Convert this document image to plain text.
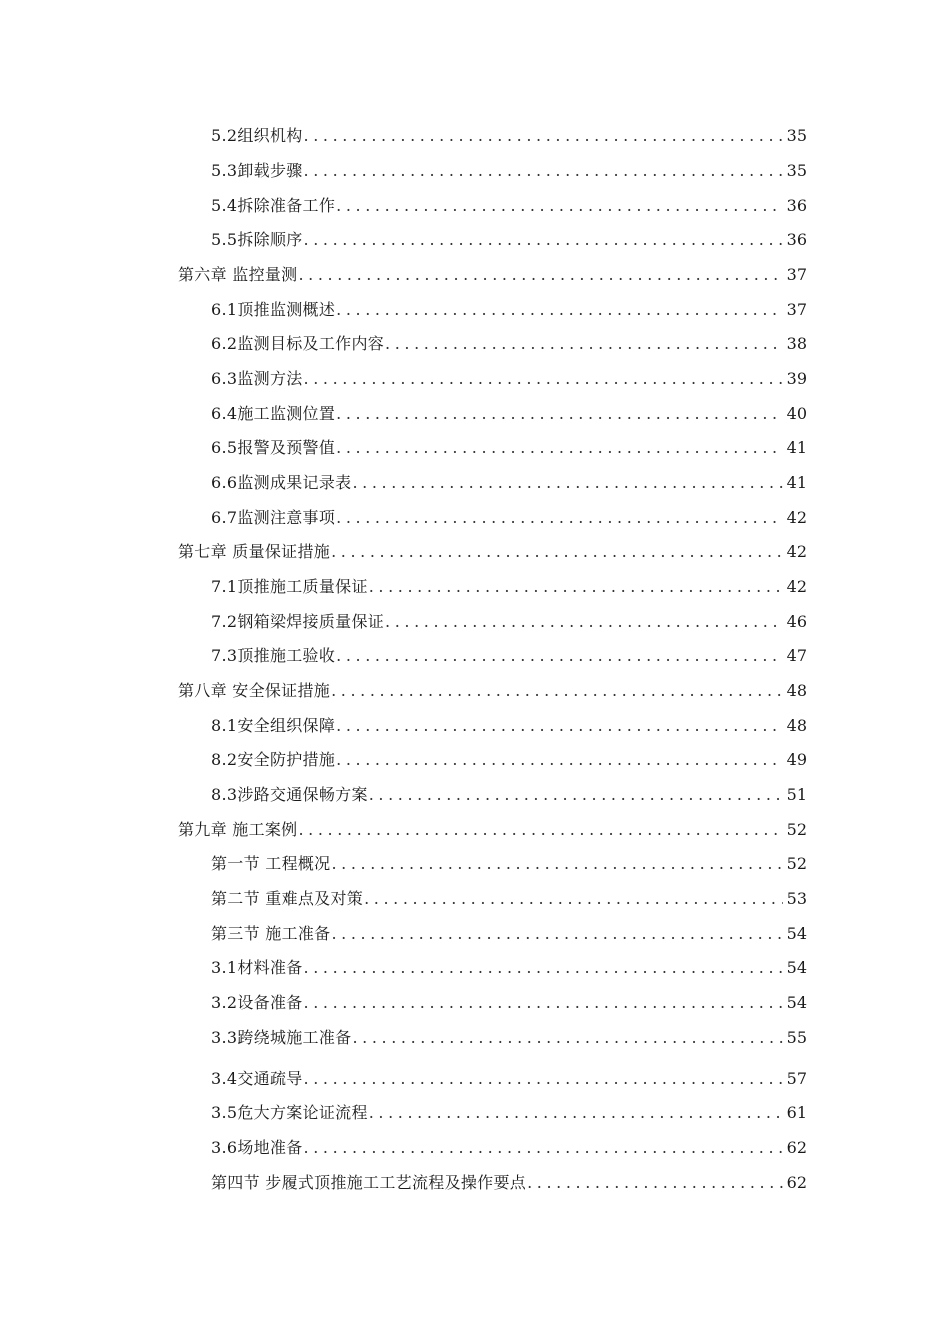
5.2组织机构 .....	35
5.3卸载步骤 .....	35
5.4拆除准备工作 .....	36
5.5拆除顺序 .....	36
第六章 监控量测 .....	37
6.1顶推监测概述 .....	37
6.2监测目标及工作内容 .....	38
6.3监测方法 .....	39
6.4施工监测位置 .....	40
6.5报警及预警值 .....	41
6.6监测成果记录表 .....	41
6.7监测注意事项 .....	42
第七章 质量保证措施 .....	42
7.1顶推施工质量保证 .....	42
7.2钢箱梁焊接质量保证 .....	46
7.3顶推施工验收 .....	47
第八章 安全保证措施 .....	48
8.1安全组织保障 .....	48
8.2安全防护措施 .....	49
8.3涉路交通保畅方案 .....	51
第九章 施工案例 .....	52
第一节 工程概况 .....	52
第二节 重难点及对策 .....	53
第三节 施工准备 .....	54
3.1材料准备 .....	54
3.2设备准备 .....	54
3.3跨绕城施工准备 .....	55
3.4交通疏导 .....	57
3.5危大方案论证流程 .....	61
3.6场地准备 .....	62
第四节 步履式顶推施工工艺流程及操作要点 .....	62
